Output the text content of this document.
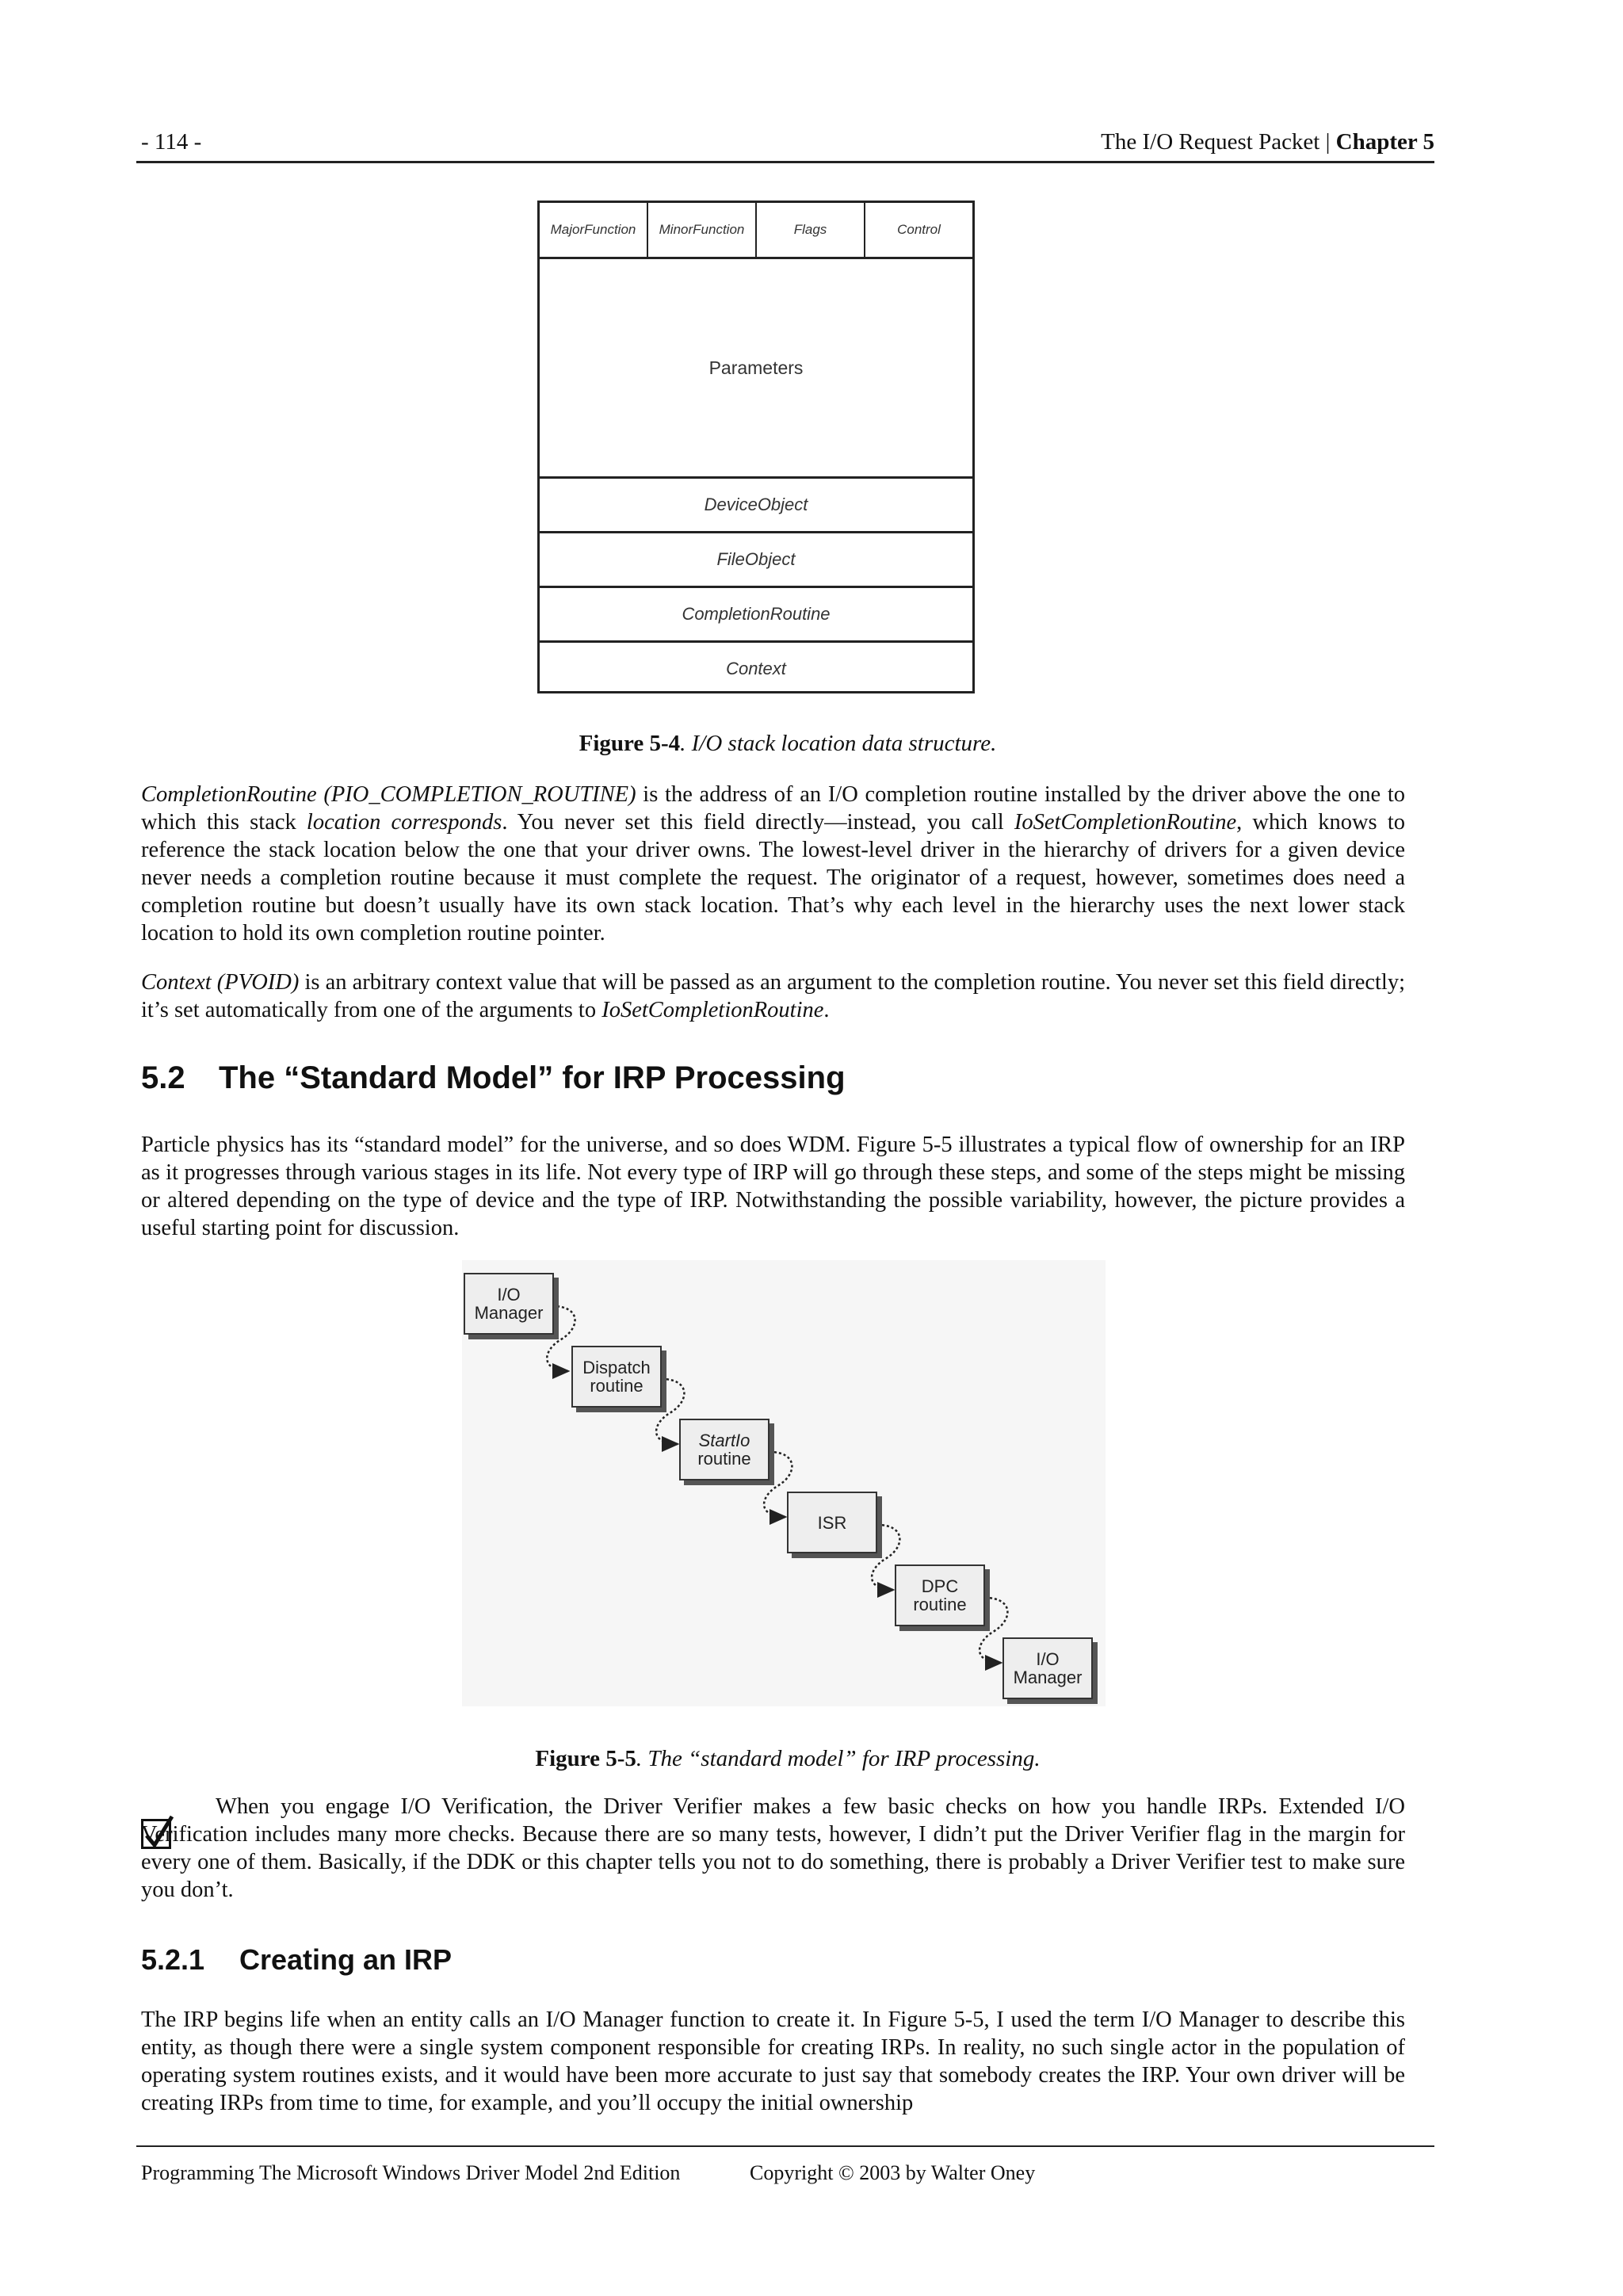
- 114 -	The I/O Request Packet | Chapter 5
MajorFunction	MinorFunction	Flags	Control
Parameters
DeviceObject
FileObject
CompletionRoutine
Context
Figure 5-4. I/O stack location data structure.
CompletionRoutine (PIO_COMPLETION_ROUTINE) is the address of an I/O completion routine installed by the driver above the one to which this stack location corresponds. You never set this field directly—instead, you call IoSetCompletionRoutine, which knows to reference the stack location below the one that your driver owns. The lowest-level driver in the hierarchy of drivers for a given device never needs a completion routine because it must complete the request. The originator of a request, however, sometimes does need a completion routine but doesn’t usually have its own stack location. That’s why each level in the hierarchy uses the next lower stack location to hold its own completion routine pointer.
Context (PVOID) is an arbitrary context value that will be passed as an argument to the completion routine. You never set this field directly; it’s set automatically from one of the arguments to IoSetCompletionRoutine.
5.2 The “Standard Model” for IRP Processing
Particle physics has its “standard model” for the universe, and so does WDM. Figure 5-5 illustrates a typical flow of ownership for an IRP as it progresses through various stages in its life. Not every type of IRP will go through these steps, and some of the steps might be missing or altered depending on the type of device and the type of IRP. Notwithstanding the possible variability, however, the picture provides a useful starting point for discussion.
I/O
Manager
Dispatch
routine
StartIo
routine
ISR
DPC
routine
I/O
Manager
Figure 5-5. The “standard model” for IRP processing.
When you engage I/O Verification, the Driver Verifier makes a few basic checks on how you handle IRPs. Extended I/O Verification includes many more checks. Because there are so many tests, however, I didn’t put the Driver Verifier flag in the margin for every one of them. Basically, if the DDK or this chapter tells you not to do something, there is probably a Driver Verifier test to make sure you don’t.
5.2.1 Creating an IRP
The IRP begins life when an entity calls an I/O Manager function to create it. In Figure 5-5, I used the term I/O Manager to describe this entity, as though there were a single system component responsible for creating IRPs. In reality, no such single actor in the population of operating system routines exists, and it would have been more accurate to just say that somebody creates the IRP. Your own driver will be creating IRPs from time to time, for example, and you’ll occupy the initial ownership
Programming The Microsoft Windows Driver Model 2nd Edition	Copyright © 2003 by Walter Oney
